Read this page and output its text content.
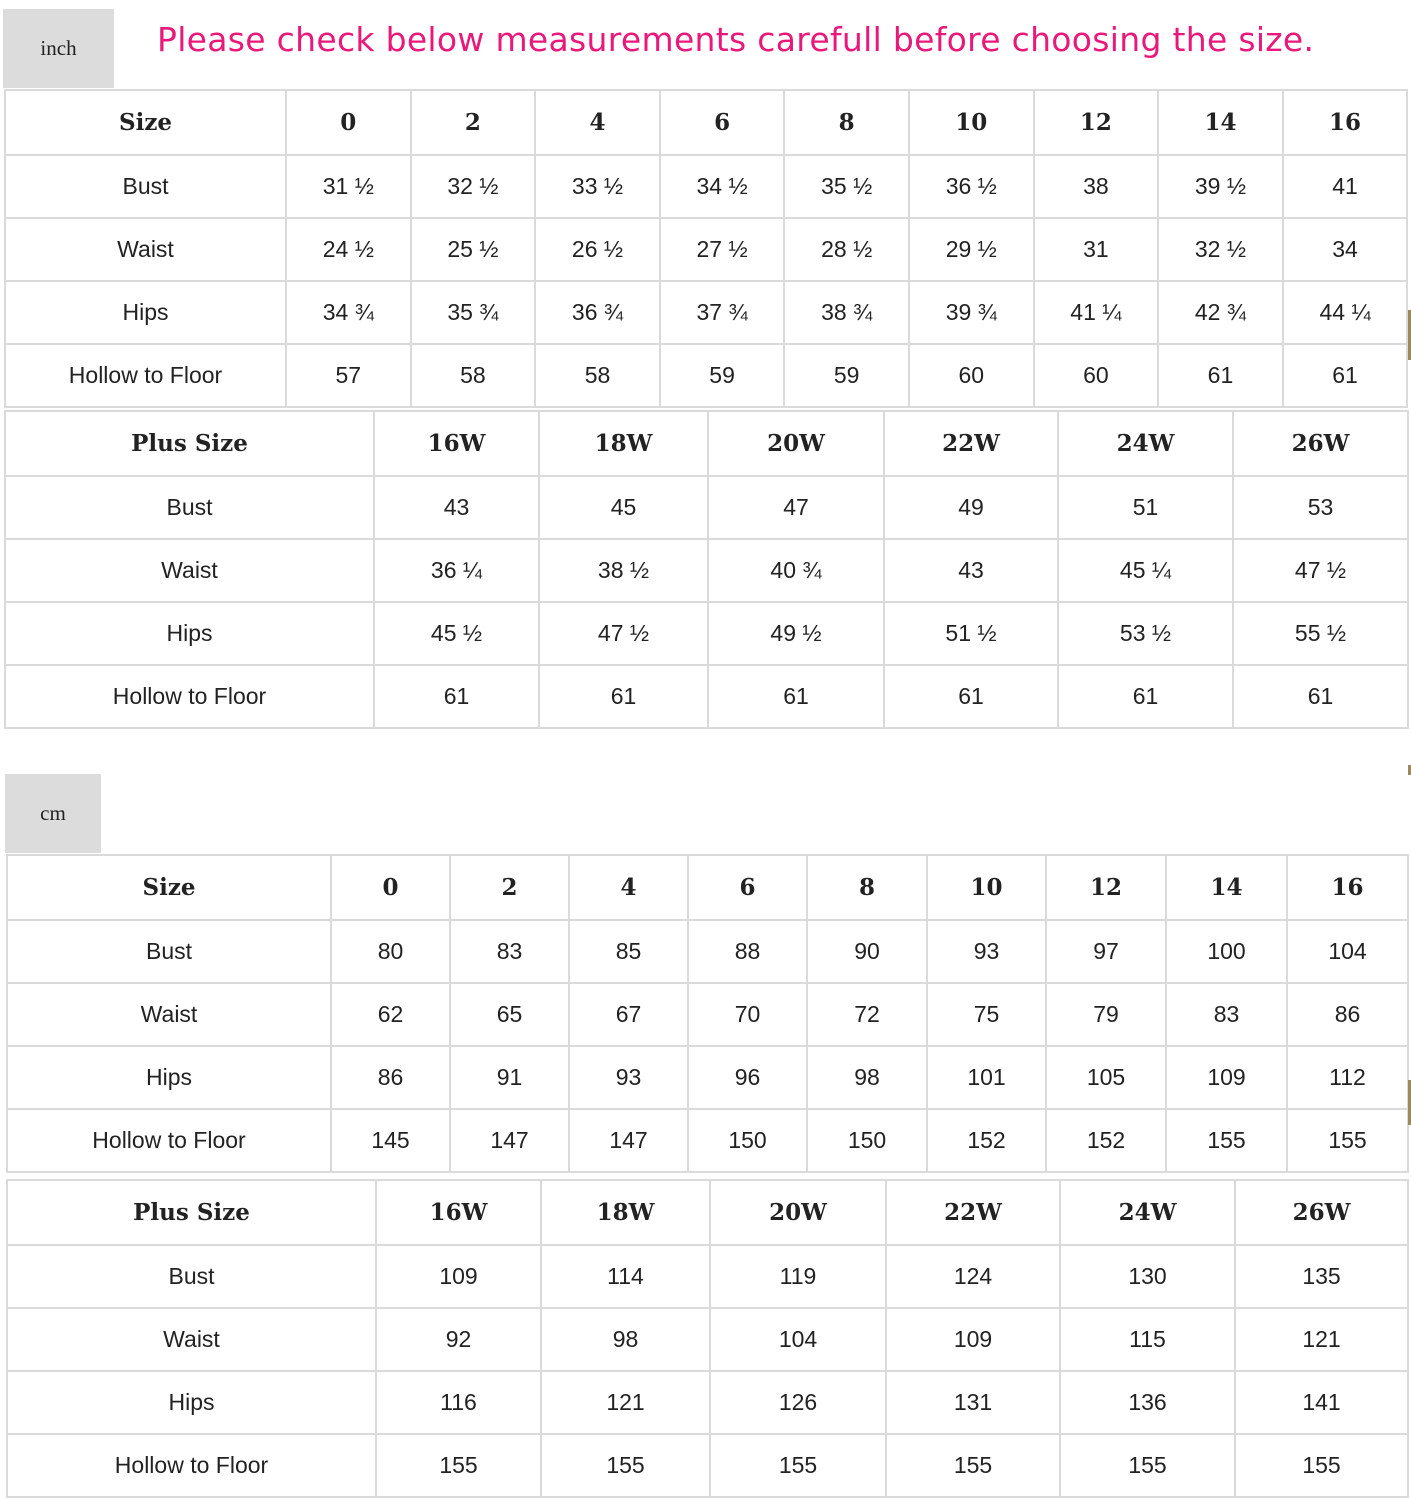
inch	Please check below measurements carefull before choosing the size.
Size	0	2	4	6	8	10	12	14	16
Bust	31 ½	32 ½	33 ½	34 ½	35 ½	36 ½	38	39 ½	41
Waist	24 ½	25 ½	26 ½	27 ½	28 ½	29 ½	31	32 ½	34
Hips	34 ¾	35 ¾	36 ¾	37 ¾	38 ¾	39 ¾	41 ¼	42 ¾	44 ¼
Hollow to Floor	57	58	58	59	59	60	60	61	61
Plus Size	16W	18W	20W	22W	24W	26W
Bust	43	45	47	49	51	53
Waist	36 ¼	38 ½	40 ¾	43	45 ¼	47 ½
Hips	45 ½	47 ½	49 ½	51 ½	53 ½	55 ½
Hollow to Floor	61	61	61	61	61	61
cm
Size	0	2	4	6	8	10	12	14	16
Bust	80	83	85	88	90	93	97	100	104
Waist	62	65	67	70	72	75	79	83	86
Hips	86	91	93	96	98	101	105	109	112
Hollow to Floor	145	147	147	150	150	152	152	155	155
Plus Size	16W	18W	20W	22W	24W	26W
Bust	109	114	119	124	130	135
Waist	92	98	104	109	115	121
Hips	116	121	126	131	136	141
Hollow to Floor	155	155	155	155	155	155
